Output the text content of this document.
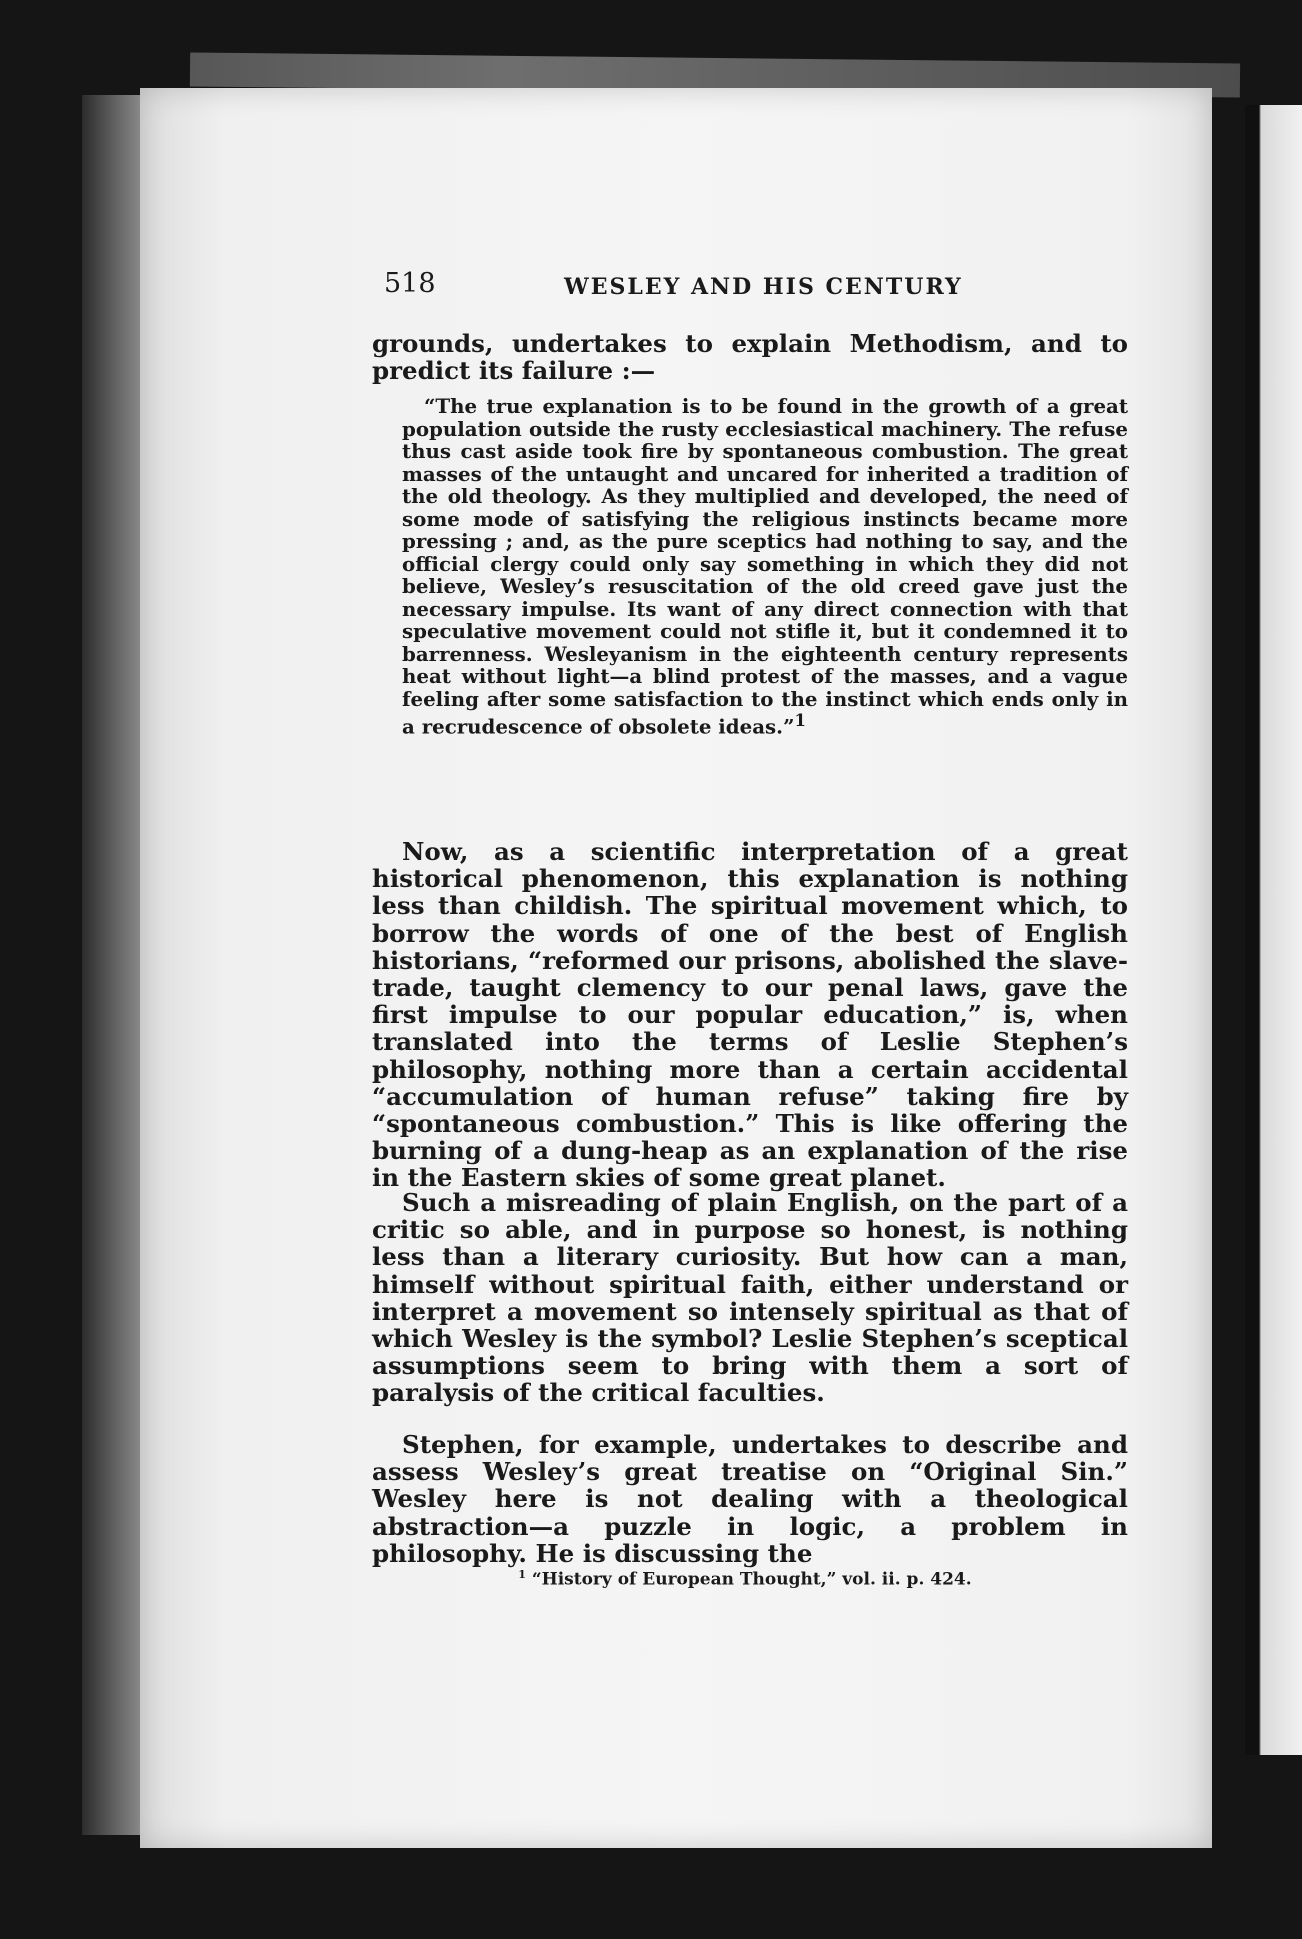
518	WESLEY AND HIS CENTURY

grounds, undertakes to explain Methodism, and to predict its failure :—

“The true explanation is to be found in the growth of a great population outside the rusty ecclesiastical machinery. The refuse thus cast aside took fire by spontaneous combustion. The great masses of the untaught and uncared for inherited a tradition of the old theology. As they multiplied and developed, the need of some mode of satisfying the religious instincts became more pressing ; and, as the pure sceptics had nothing to say, and the official clergy could only say something in which they did not believe, Wesley’s resuscitation of the old creed gave just the necessary impulse. Its want of any direct connection with that speculative movement could not stifle it, but it condemned it to barrenness. Wesleyanism in the eighteenth century represents heat without light—a blind protest of the masses, and a vague feeling after some satisfaction to the instinct which ends only in a recrudescence of obsolete ideas.”$^1$

Now, as a scientific interpretation of a great historical phenomenon, this explanation is nothing less than childish. The spiritual movement which, to borrow the words of one of the best of English historians, “reformed our prisons, abolished the slave-trade, taught clemency to our penal laws, gave the first impulse to our popular education,” is, when translated into the terms of Leslie Stephen’s philosophy, nothing more than a certain accidental “accumulation of human refuse” taking fire by “spontaneous combustion.” This is like offering the burning of a dung-heap as an explanation of the rise in the Eastern skies of some great planet.

Such a misreading of plain English, on the part of a critic so able, and in purpose so honest, is nothing less than a literary curiosity. But how can a man, himself without spiritual faith, either understand or interpret a movement so intensely spiritual as that of which Wesley is the symbol? Leslie Stephen’s sceptical assumptions seem to bring with them a sort of paralysis of the critical faculties.

Stephen, for example, undertakes to describe and assess Wesley’s great treatise on “Original Sin.” Wesley here is not dealing with a theological abstraction—a puzzle in logic, a problem in philosophy. He is discussing the

$^1$ “History of European Thought,” vol. ii. p. 424.
